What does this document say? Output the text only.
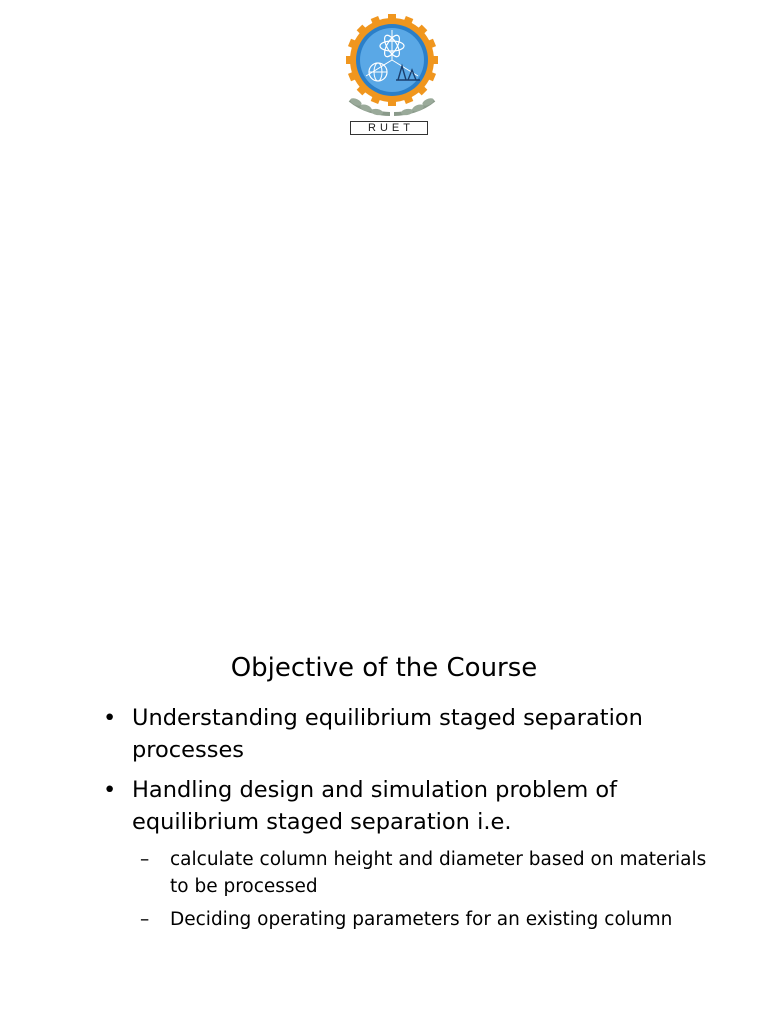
RUET
Objective of the Course
• Understanding equilibrium staged separation processes
• Handling design and simulation problem of equilibrium staged separation i.e.
– calculate column height and diameter based on materials to be processed
– Deciding operating parameters for an existing column
